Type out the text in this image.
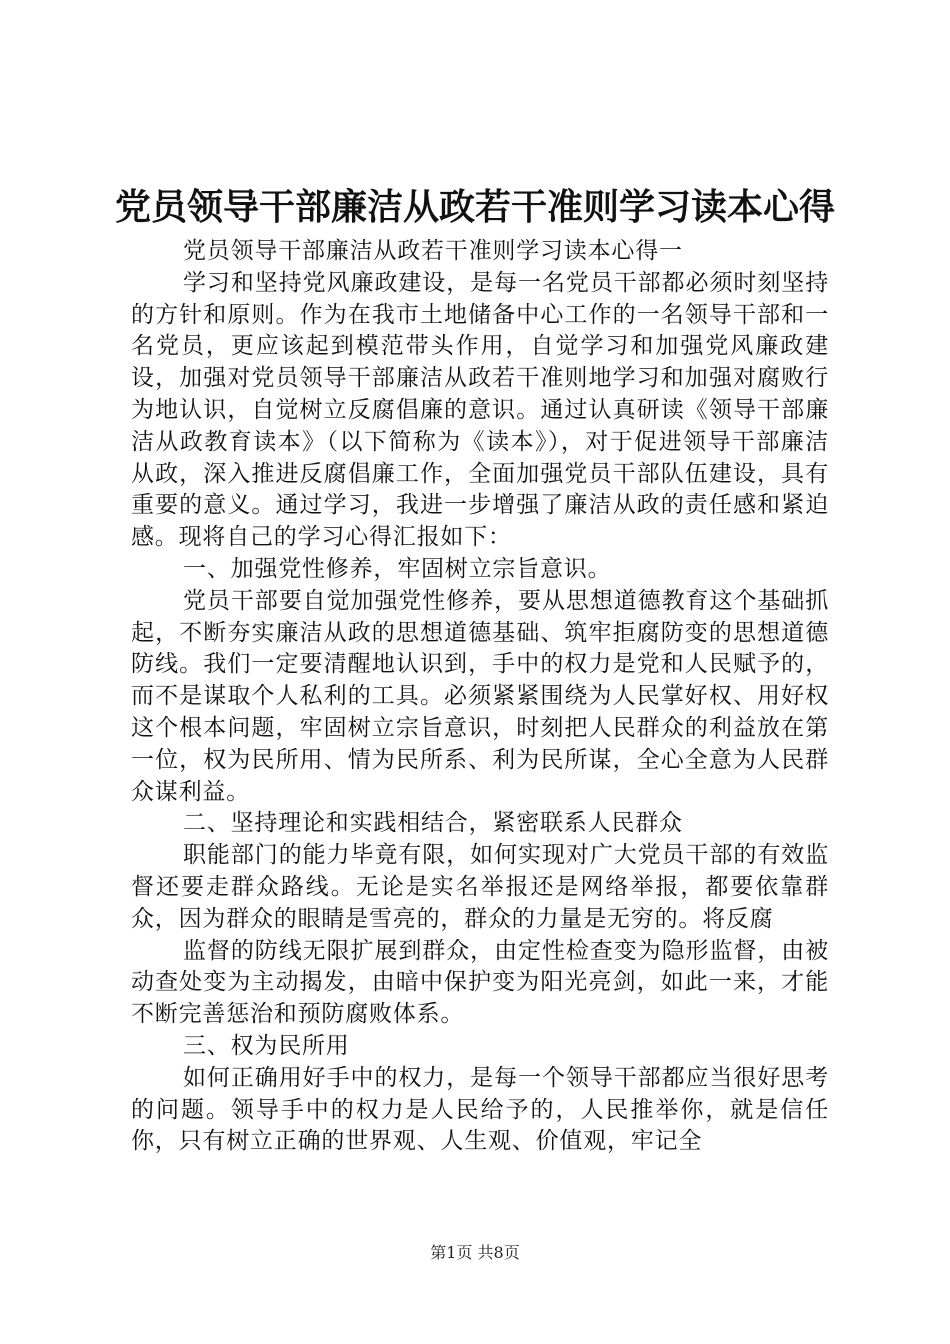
党员领导干部廉洁从政若干准则学习读本心得

党员领导干部廉洁从政若干准则学习读本心得一

学习和坚持党风廉政建设，是每一名党员干部都必须时刻坚持的方针和原则。作为在我市土地储备中心工作的一名领导干部和一名党员，更应该起到模范带头作用，自觉学习和加强党风廉政建设，加强对党员领导干部廉洁从政若干准则地学习和加强对腐败行为地认识，自觉树立反腐倡廉的意识。通过认真研读《领导干部廉洁从政教育读本》（以下简称为《读本》），对于促进领导干部廉洁从政，深入推进反腐倡廉工作，全面加强党员干部队伍建设，具有重要的意义。通过学习，我进一步增强了廉洁从政的责任感和紧迫感。现将自己的学习心得汇报如下：

一、加强党性修养，牢固树立宗旨意识。

党员干部要自觉加强党性修养，要从思想道德教育这个基础抓起，不断夯实廉洁从政的思想道德基础、筑牢拒腐防变的思想道德防线。我们一定要清醒地认识到，手中的权力是党和人民赋予的，而不是谋取个人私利的工具。必须紧紧围绕为人民掌好权、用好权这个根本问题，牢固树立宗旨意识，时刻把人民群众的利益放在第一位，权为民所用、情为民所系、利为民所谋，全心全意为人民群众谋利益。

二、坚持理论和实践相结合，紧密联系人民群众

职能部门的能力毕竟有限，如何实现对广大党员干部的有效监督还要走群众路线。无论是实名举报还是网络举报，都要依靠群众，因为群众的眼睛是雪亮的，群众的力量是无穷的。将反腐

监督的防线无限扩展到群众，由定性检查变为隐形监督，由被动查处变为主动揭发，由暗中保护变为阳光亮剑，如此一来，才能不断完善惩治和预防腐败体系。

三、权为民所用

如何正确用好手中的权力，是每一个领导干部都应当很好思考的问题。领导手中的权力是人民给予的，人民推举你，就是信任你，只有树立正确的世界观、人生观、价值观，牢记全

第1页 共8页
